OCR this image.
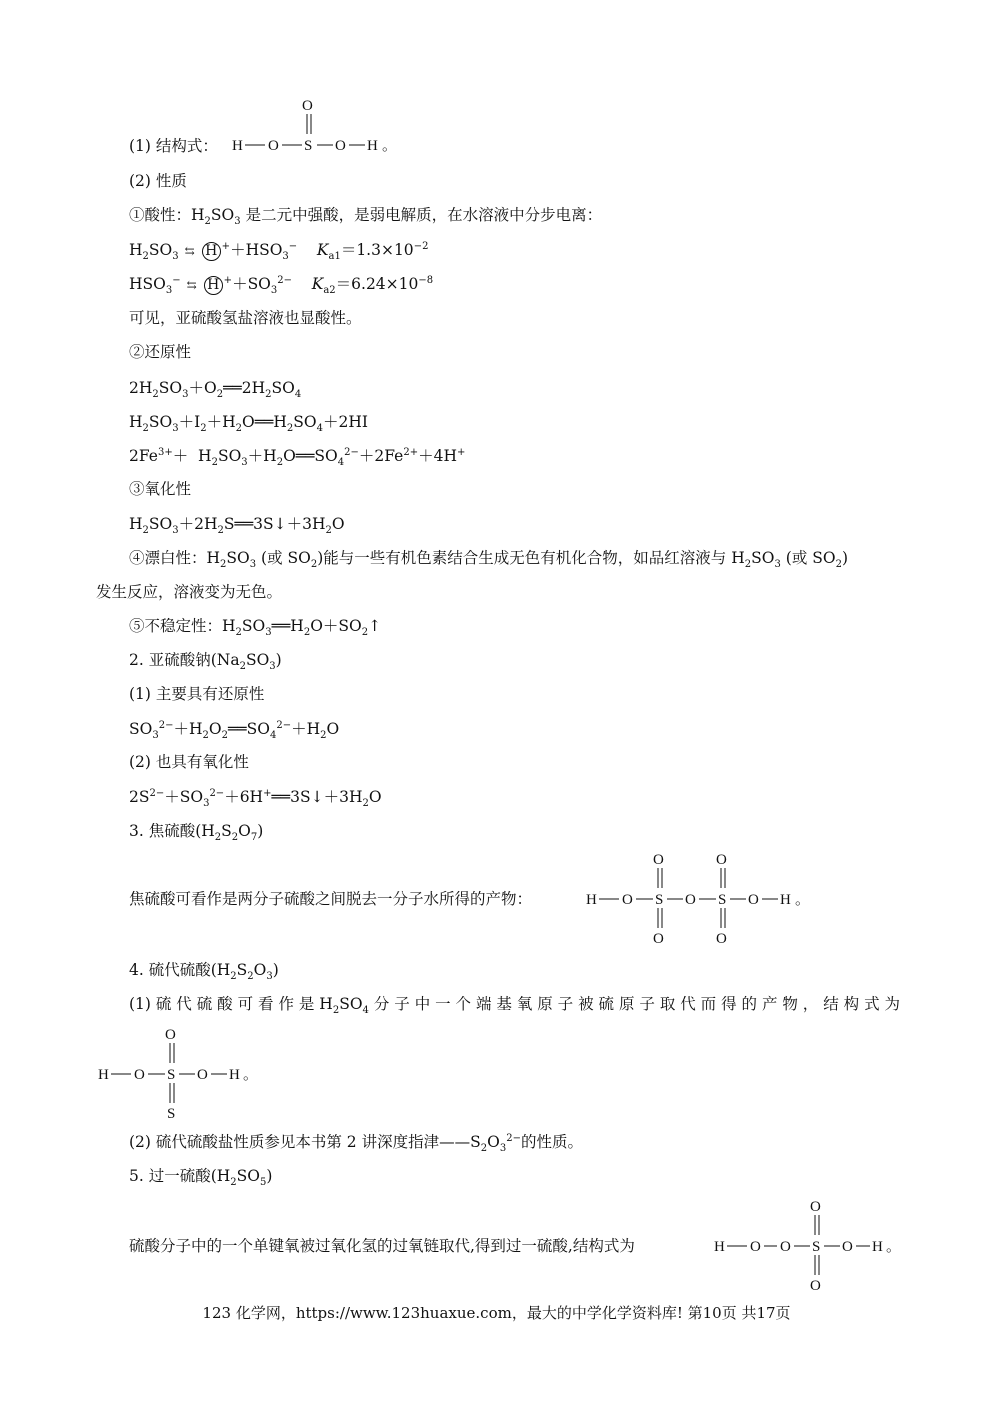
(1) 结构式： H O S
O
O H 。
(2) 性质
①酸性：$H_2SO_3$ 是二元中强酸，是弱电解质，在水溶液中分步电离：
$H_2SO_3$ ⇆ H $^++HSO_3^-$ $K_{a1}=1.3\times 10^{-2}$
$HSO_3^-$ ⇆ H $^++SO_3^{2-}$ $K_{a2}=6.24\times 10^{-8}$
可见，亚硫酸氢盐溶液也显酸性。
②还原性
$2H_2SO_3+O_2══2H_2SO_4$
$H_2SO_3+I_2+H_2O══H_2SO_4+2HI$
$2Fe^{3+}+$  $H_2SO_3+H_2O══SO_4^{2-}+2Fe^{2+}+4H^+$
③氧化性
$H_2SO_3+2H_2S══3S↓+3H_2O$
④漂白性：$H_2SO_3$ (或 $SO_2$)能与一些有机色素结合生成无色有机化合物，如品红溶液与 $H_2SO_3$ (或 $SO_2$)
发生反应，溶液变为无色。
⑤不稳定性：$H_2SO_3══H_2O+SO_2↑$
2. 亚硫酸钠$(Na_2SO_3)$
(1) 主要具有还原性
$SO_3^{2-}+H_2O_2══SO_4^{2-}+H_2O$
(2) 也具有氧化性
$2S^{2-}+SO_3^{2-}+6H^+══3S↓+3H_2O$
3. 焦硫酸$(H_2S_2O_7)$
焦硫酸可看作是两分子硫酸之间脱去一分子水所得的产物：	H O S
O
O
O S
O
O
O H 。
4. 硫代硫酸$(H_2S_2O_3)$
(1) 硫 代 硫 酸 可 看 作 是 $H_2SO_4$ 分 子 中 一 个 端 基 氧 原 子 被 硫 原 子 取 代 而 得 的 产 物 ， 结 构 式 为
H O S
O
S
O H 。
(2) 硫代硫酸盐性质参见本书第 2 讲深度指津$——S_2O_3^{2-}$的性质。
5. 过一硫酸$(H_2SO_5)$
硫酸分子中的一个单键氧被过氧化氢的过氧链取代,得到过一硫酸,结构式为	H O O S
O
O
O H 。
123 化学网，https://www.123huaxue.com，最大的中学化学资料库! 第10页 共17页
